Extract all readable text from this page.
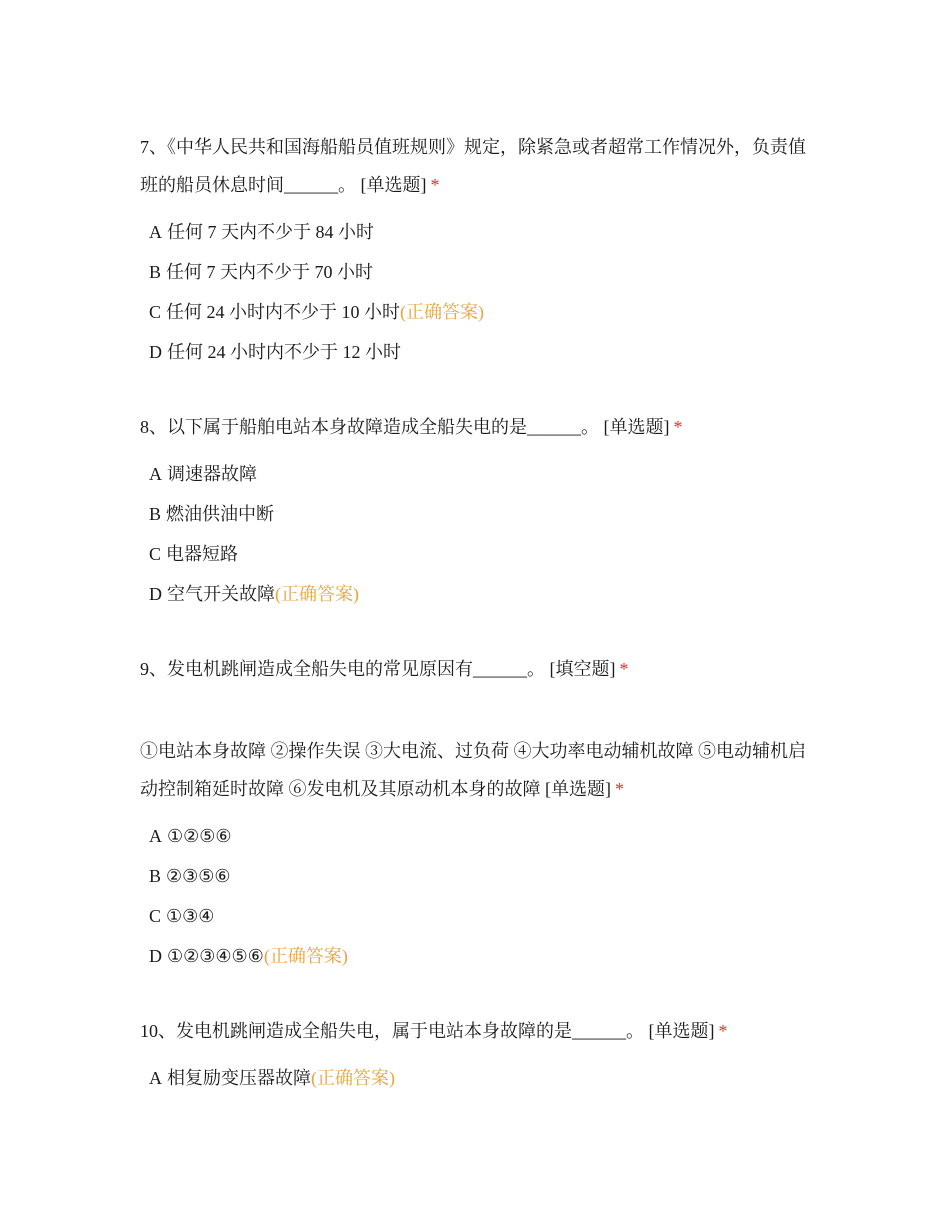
7、《中华人民共和国海船船员值班规则》规定，除紧急或者超常工作情况外，负责值班的船员休息时间______。 [单选题] *

A 任何 7 天内不少于 84 小时
B 任何 7 天内不少于 70 小时
C 任何 24 小时内不少于 10 小时(正确答案)
D 任何 24 小时内不少于 12 小时

8、以下属于船舶电站本身故障造成全船失电的是______。 [单选题] *

A 调速器故障
B 燃油供油中断
C 电器短路
D 空气开关故障(正确答案)

9、发电机跳闸造成全船失电的常见原因有______。 [填空题] *

①电站本身故障 ②操作失误 ③大电流、过负荷 ④大功率电动辅机故障 ⑤电动辅机启动控制箱延时故障 ⑥发电机及其原动机本身的故障 [单选题] *

A ①②⑤⑥
B ②③⑤⑥
C ①③④
D ①②③④⑤⑥(正确答案)

10、发电机跳闸造成全船失电，属于电站本身故障的是______。 [单选题] *

A 相复励变压器故障(正确答案)
